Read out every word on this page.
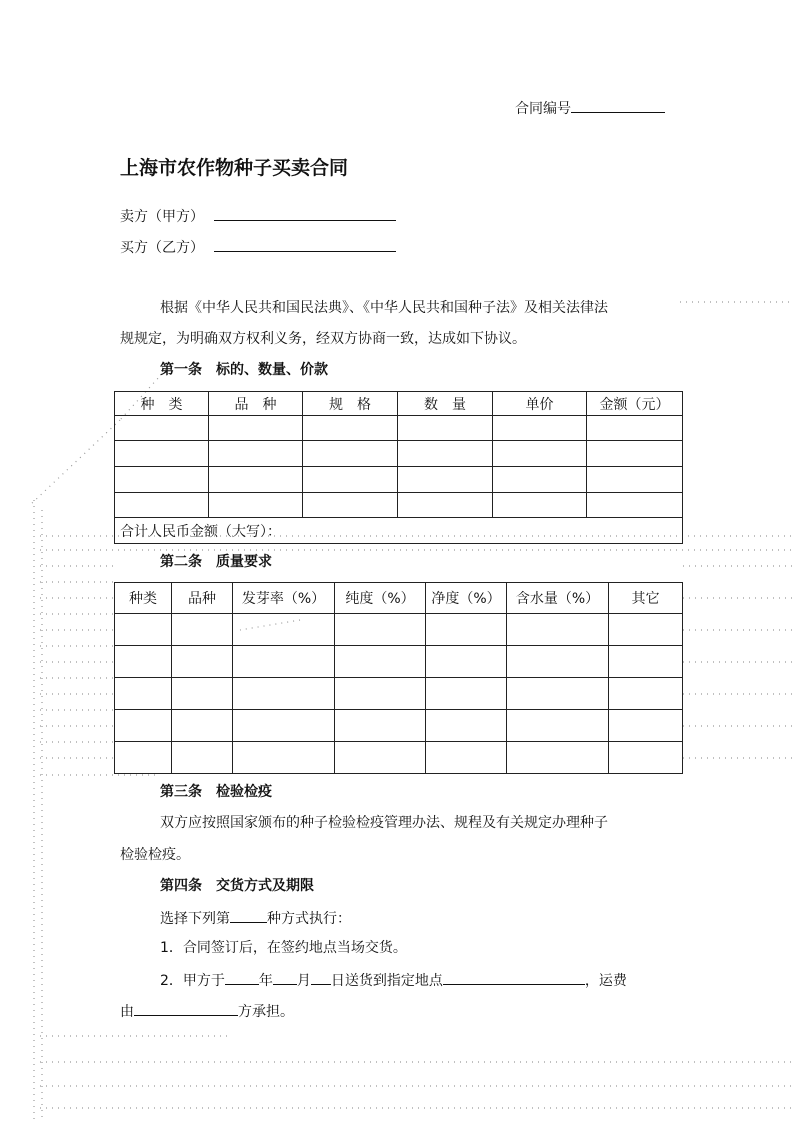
合同编号
上海市农作物种子买卖合同
卖方（甲方）
买方（乙方）
根据《中华人民共和国民法典》、《中华人民共和国种子法》及相关法律法
规规定，为明确双方权利义务，经双方协商一致，达成如下协议。
第一条　标的、数量、价款
种　类	品　种	规　格	数　量	单价	金额（元）

合计人民币金额（大写）：					
第二条　质量要求
种类	品种	发芽率（%）	纯度（%）	净度（%）	含水量（%）	其它

第三条　检验检疫
双方应按照国家颁布的种子检验检疫管理办法、规程及有关规定办理种子
检验检疫。
第四条　交货方式及期限
选择下列第	种方式执行：
1．合同签订后，在签约地点当场交货。
2．甲方于 年 月 日送货到指定地点	，运费
由	方承担。
